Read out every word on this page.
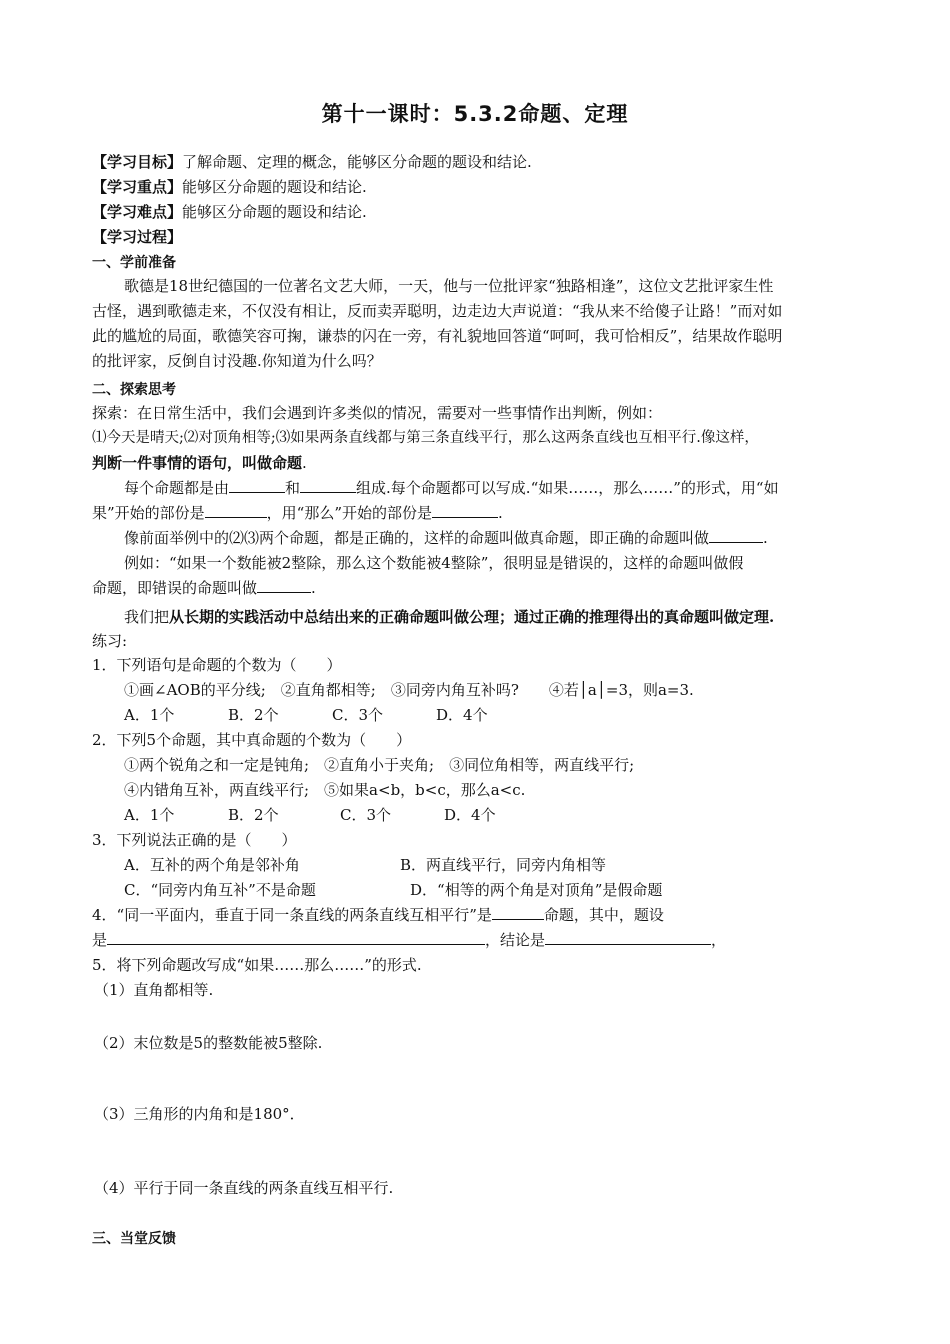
第十一课时：5.3.2命题、定理
【学习目标】了解命题、定理的概念，能够区分命题的题设和结论.
【学习重点】能够区分命题的题设和结论.
【学习难点】能够区分命题的题设和结论.
【学习过程】
一、学前准备
歌德是18世纪德国的一位著名文艺大师，一天，他与一位批评家“独路相逢”，这位文艺批评家生性
古怪，遇到歌德走来，不仅没有相让，反而卖弄聪明，边走边大声说道：“我从来不给傻子让路！”而对如
此的尴尬的局面，歌德笑容可掬，谦恭的闪在一旁，有礼貌地回答道“呵呵，我可恰相反”，结果故作聪明
的批评家，反倒自讨没趣.你知道为什么吗？
二、探索思考
探索：在日常生活中，我们会遇到许多类似的情况，需要对一些事情作出判断，例如：
⑴今天是晴天;⑵对顶角相等;⑶如果两条直线都与第三条直线平行，那么这两条直线也互相平行.像这样，
判断一件事情的语句，叫做命题.
每个命题都是由	和	组成.每个命题都可以写成.“如果……，那么……”的形式，用“如
果”开始的部份是	，用“那么”开始的部份是	.
像前面举例中的⑵⑶两个命题，都是正确的，这样的命题叫做真命题，即正确的命题叫做	.
例如：“如果一个数能被2整除，那么这个数能被4整除”，很明显是错误的，这样的命题叫做假
命题，即错误的命题叫做	.
我们把从长期的实践活动中总结出来的正确命题叫做公理；通过正确的推理得出的真命题叫做定理.
练习:
1．下列语句是命题的个数为（　　）
①画∠AOB的平分线;　②直角都相等;　③同旁内角互补吗?　　④若│a│=3，则a=3.
A．1个	B．2个	C．3个	D．4个
2．下列5个命题，其中真命题的个数为（　　）
①两个锐角之和一定是钝角;　②直角小于夹角;　③同位角相等，两直线平行;
④内错角互补，两直线平行;　⑤如果a<b，b<c，那么a<c.
A．1个	B．2个	C．3个	D．4个
3．下列说法正确的是（　　）
A．互补的两个角是邻补角	B．两直线平行，同旁内角相等
C．“同旁内角互补”不是命题	D．“相等的两个角是对顶角”是假命题
4．“同一平面内，垂直于同一条直线的两条直线互相平行”是	命题，其中，题设
是	，结论是	，
5．将下列命题改写成“如果……那么……”的形式.
（1）直角都相等.
（2）末位数是5的整数能被5整除.
（3）三角形的内角和是180°．
（4）平行于同一条直线的两条直线互相平行.
三、当堂反馈
